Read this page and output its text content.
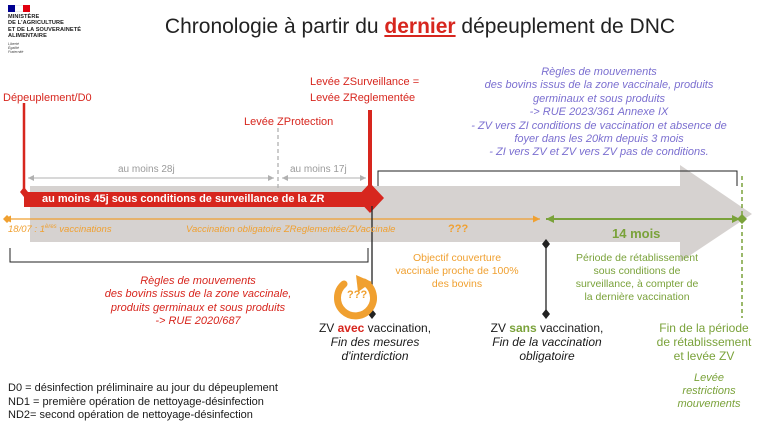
MINISTÈRE
DE L'AGRICULTURE
ET DE LA SOUVERAINETÉ
ALIMENTAIRE
Liberté
Égalité
Fraternité
Chronologie à partir du dernier dépeuplement de DNC
Dépeuplement/D0
Levée ZSurveillance =
Levée ZReglementée
Levée ZProtection
au moins 28j	au moins 17j
au moins 45j sous conditions de surveillance de la ZR
18/07 : 1ères vaccinations	Vaccination obligatoire ZReglementée/ZVaccinale	???	14 mois
Règles de mouvements
des bovins issus de la zone vaccinale, produits
germinaux et sous produits
-> RUE 2023/361 Annexe IX
- ZV vers ZI conditions de vaccination et absence de
foyer dans les 20km depuis 3 mois
- ZI vers ZV et ZV vers ZV pas de conditions.
Règles de mouvements
des bovins issus de la zone vaccinale,
produits germinaux et sous produits
-> RUE 2020/687
???
Objectif couverture
vaccinale proche de 100%
des bovins
Période de rétablissement
sous conditions de
surveillance, à compter de
la dernière vaccination
ZV avec vaccination,
Fin des mesures
d'interdiction
ZV sans vaccination,
Fin de la vaccination
obligatoire
Fin de la période
de rétablissement
et levée ZV
Levée
restrictions
mouvements
D0 = désinfection préliminaire au jour du dépeuplement
ND1 = première opération de nettoyage-désinfection
ND2= second opération de nettoyage-désinfection
